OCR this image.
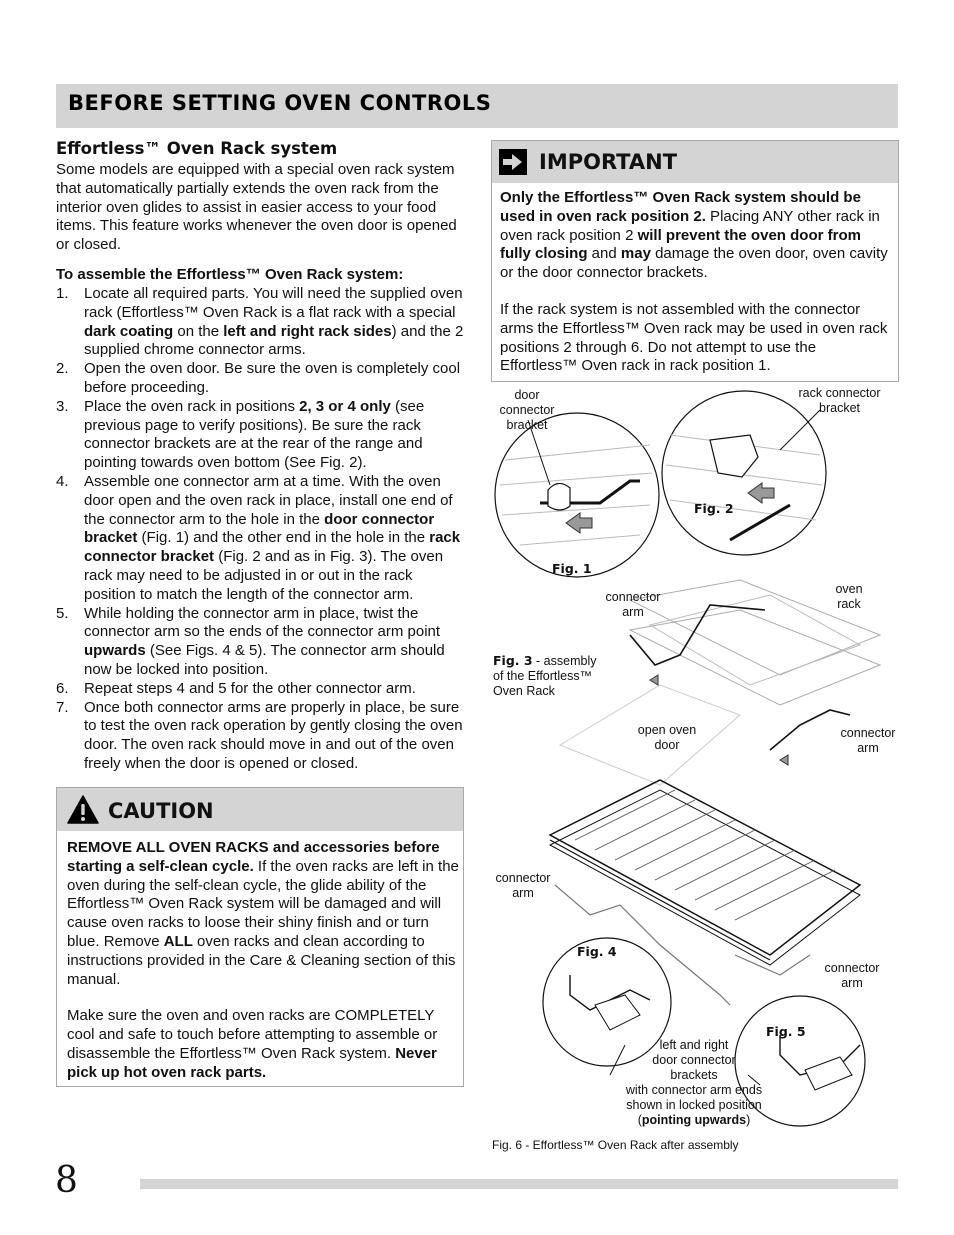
BEFORE SETTING OVEN CONTROLS
Effortless™ Oven Rack system
Some models are equipped with a special oven rack system that automatically partially extends the oven rack from the interior oven glides to assist in easier access to your food items. This feature works whenever the oven door is opened or closed.
To assemble the Effortless™ Oven Rack system:
1. Locate all required parts. You will need the supplied oven rack (Effortless™ Oven Rack is a flat rack with a special dark coating on the left and right rack sides) and the 2 supplied chrome connector arms.
2. Open the oven door. Be sure the oven is completely cool before proceeding.
3. Place the oven rack in positions 2, 3 or 4 only (see previous page to verify positions). Be sure the rack connector brackets are at the rear of the range and pointing towards oven bottom (See Fig. 2).
4. Assemble one connector arm at a time. With the oven door open and the oven rack in place, install one end of the connector arm to the hole in the door connector bracket (Fig. 1) and the other end in the hole in the rack connector bracket (Fig. 2 and as in Fig. 3). The oven rack may need to be adjusted in or out in the rack position to match the length of the connector arm.
5. While holding the connector arm in place, twist the connector arm so the ends of the connector arm point upwards (See Figs. 4 & 5). The connector arm should now be locked into position.
6. Repeat steps 4 and 5 for the other connector arm.
7. Once both connector arms are properly in place, be sure to test the oven rack operation by gently closing the oven door. The oven rack should move in and out of the oven freely when the door is opened or closed.
CAUTION
REMOVE ALL OVEN RACKS and accessories before starting a self-clean cycle. If the oven racks are left in the oven during the self-clean cycle, the glide ability of the Effortless™ Oven Rack system will be damaged and will cause oven racks to loose their shiny finish and or turn blue. Remove ALL oven racks and clean according to instructions provided in the Care & Cleaning section of this manual.
Make sure the oven and oven racks are COMPLETELY cool and safe to touch before attempting to assemble or disassemble the Effortless™ Oven Rack system. Never pick up hot oven rack parts.
IMPORTANT
Only the Effortless™ Oven Rack system should be used in oven rack position 2. Placing ANY other rack in oven rack position 2 will prevent the oven door from fully closing and may damage the oven door, oven cavity or the door connector brackets.
If the rack system is not assembled with the connector arms the Effortless™ Oven rack may be used in oven rack positions 2 through 6. Do not attempt to use the Effortless™ Oven rack in rack position 1.
door
connector
bracket
rack connector
bracket
Fig. 1
Fig. 2
connector
arm
oven
rack
Fig. 3 - assembly
of the Effortless™
Oven Rack
open oven
door
connector
arm
connector
arm
Fig. 4
connector
arm
Fig. 5
left and right
door connector
brackets
with connector arm ends
shown in locked position
(pointing upwards)
Fig. 6 - Effortless™ Oven Rack after assembly
8
